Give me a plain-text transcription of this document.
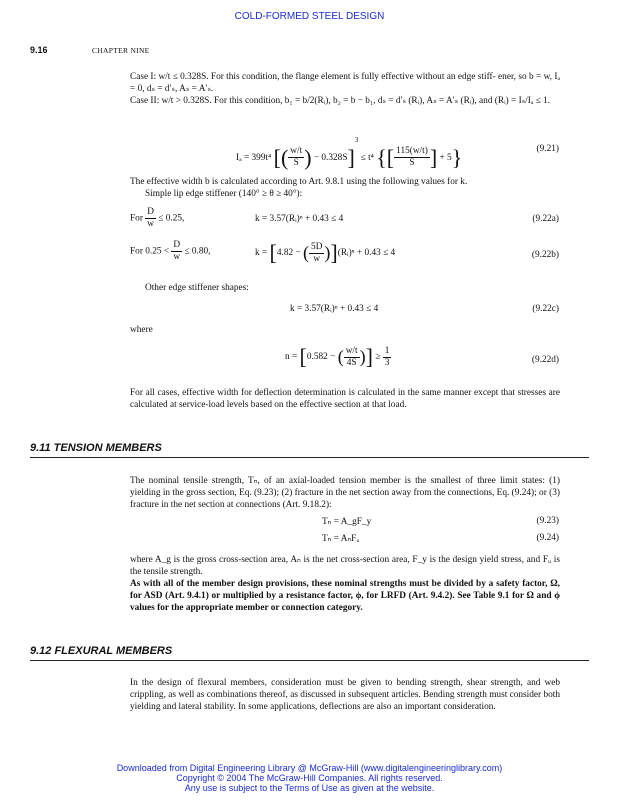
COLD-FORMED STEEL DESIGN
9.16	CHAPTER NINE
Case I: w/t ≤ 0.328S. For this condition, the flange element is fully effective without an edge stiff- ener, so b = w, Iₐ = 0, dₛ = d′ₛ, Aₛ = A′ₛ.
Case II: w/t > 0.328S. For this condition, b₁ = b/2(Rᵢ), b₂ = b − b₁, dₛ = d′ₛ (Rᵢ), Aₛ = A′ₛ (Rᵢ), and (Rᵢ) = Iₛ/Iₐ ≤ 1.
Iₐ = 399t⁴ [( $\frac{w/t}{S}$ ) − 0.328S]$^3$ ≤ t⁴ {[ $\frac{115(w/t)}{S}$ ] + 5}	(9.21)
The effective width b is calculated according to Art. 9.8.1 using the following values for k.
Simple lip edge stiffener (140° ≥ θ ≥ 40°):
For $\frac{D}{w} \le 0.25$,	k = 3.57(Rᵢ)ⁿ + 0.43 ≤ 4	(9.22a)
For $0.25 < \frac{D}{w} \le 0.80$,	k = [4.82 − ( $\frac{5D}{w}$ )](Rᵢ)ⁿ + 0.43 ≤ 4	(9.22b)
Other edge stiffener shapes:
k = 3.57(Rᵢ)ⁿ + 0.43 ≤ 4	(9.22c)
where
n = [0.582 − ( $\frac{w/t}{4S}$ )] ≥ $\frac{1}{3}$	(9.22d)
For all cases, effective width for deflection determination is calculated in the same manner except that stresses are calculated at service-load levels based on the effective section at that load.
9.11 TENSION MEMBERS
The nominal tensile strength, Tₙ, of an axial-loaded tension member is the smallest of three limit states: (1) yielding in the gross section, Eq. (9.23); (2) fracture in the net section away from the connections, Eq. (9.24); or (3) fracture in the net section at connections (Art. 9.18.2):
Tₙ = A_gF_y	(9.23)
Tₙ = AₙFᵤ	(9.24)
where A_g is the gross cross-section area, Aₙ is the net cross-section area, F_y is the design yield stress, and Fᵤ is the tensile strength.
As with all of the member design provisions, these nominal strengths must be divided by a safety factor, Ω, for ASD (Art. 9.4.1) or multiplied by a resistance factor, ϕ, for LRFD (Art. 9.4.2). See Table 9.1 for Ω and ϕ values for the appropriate member or connection category.
9.12 FLEXURAL MEMBERS
In the design of flexural members, consideration must be given to bending strength, shear strength, and web crippling, as well as combinations thereof, as discussed in subsequent articles. Bending strength must consider both yielding and lateral stability. In some applications, deflections are also an important consideration.
Downloaded from Digital Engineering Library @ McGraw-Hill (www.digitalengineeringlibrary.com)
Copyright © 2004 The McGraw-Hill Companies. All rights reserved.
Any use is subject to the Terms of Use as given at the website.
